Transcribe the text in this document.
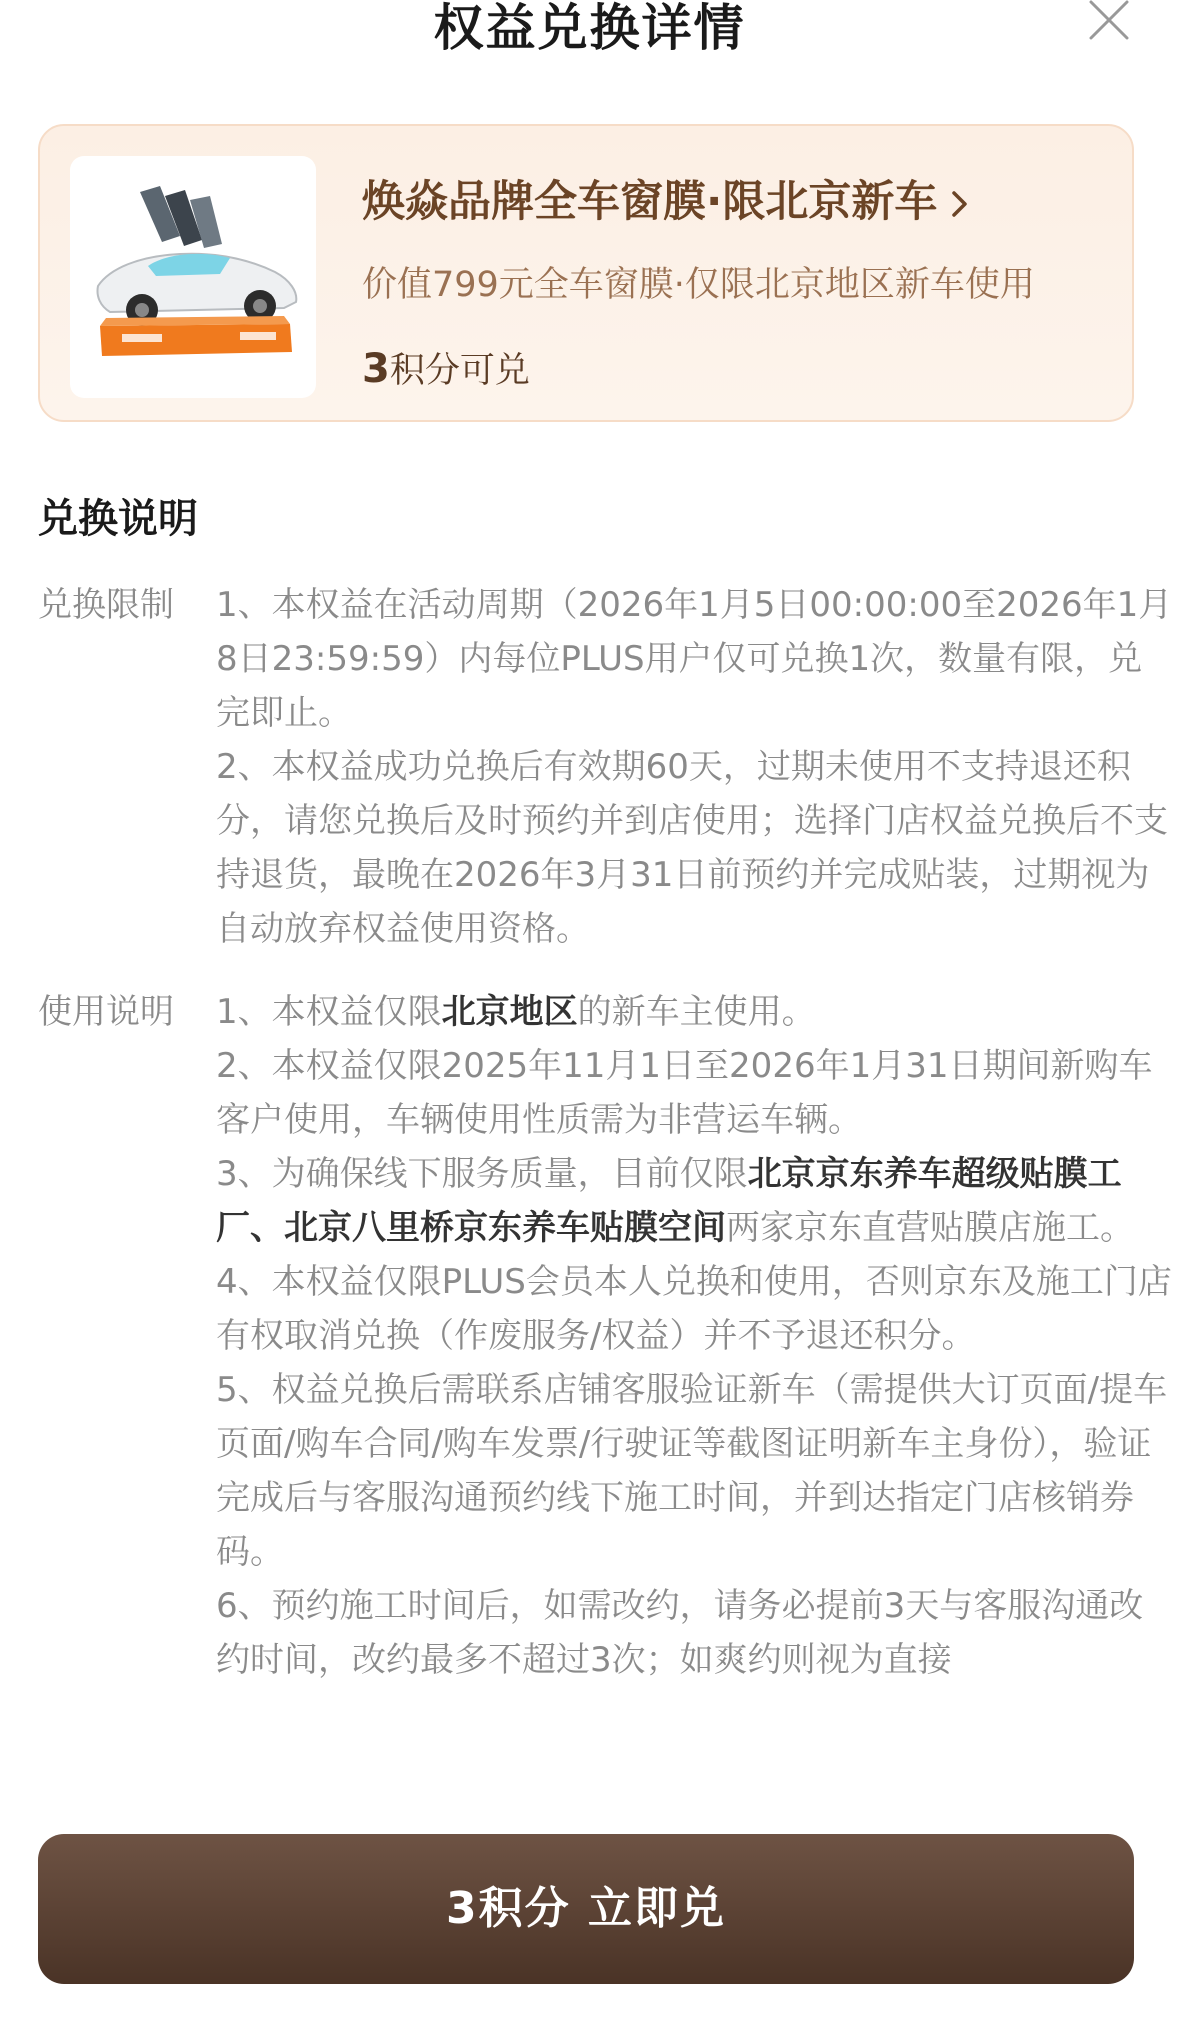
权益兑换详情
焕焱品牌全车窗膜·限北京新车
价值799元全车窗膜·仅限北京地区新车使用
3积分可兑
兑换说明
兑换限制	1、本权益在活动周期（2026年1月5日00:00:00至2026年1月8日23:59:59）内每位PLUS用户仅可兑换1次，数量有限，兑完即止。

2、本权益成功兑换后有效期60天，过期未使用不支持退还积分，请您兑换后及时预约并到店使用；选择门店权益兑换后不支持退货，最晚在2026年3月31日前预约并完成贴装，过期视为自动放弃权益使用资格。

使用说明	1、本权益仅限北京地区的新车主使用。

2、本权益仅限2025年11月1日至2026年1月31日期间新购车客户使用，车辆使用性质需为非营运车辆。

3、为确保线下服务质量，目前仅限北京京东养车超级贴膜工厂、北京八里桥京东养车贴膜空间两家京东直营贴膜店施工。

4、本权益仅限PLUS会员本人兑换和使用，否则京东及施工门店有权取消兑换（作废服务/权益）并不予退还积分。

5、权益兑换后需联系店铺客服验证新车（需提供大订页面/提车页面/购车合同/购车发票/行驶证等截图证明新车主身份），验证完成后与客服沟通预约线下施工时间，并到达指定门店核销券码。

6、预约施工时间后，如需改约，请务必提前3天与客服沟通改约时间，改约最多不超过3次；如爽约则视为直接

3积分 立即兑
